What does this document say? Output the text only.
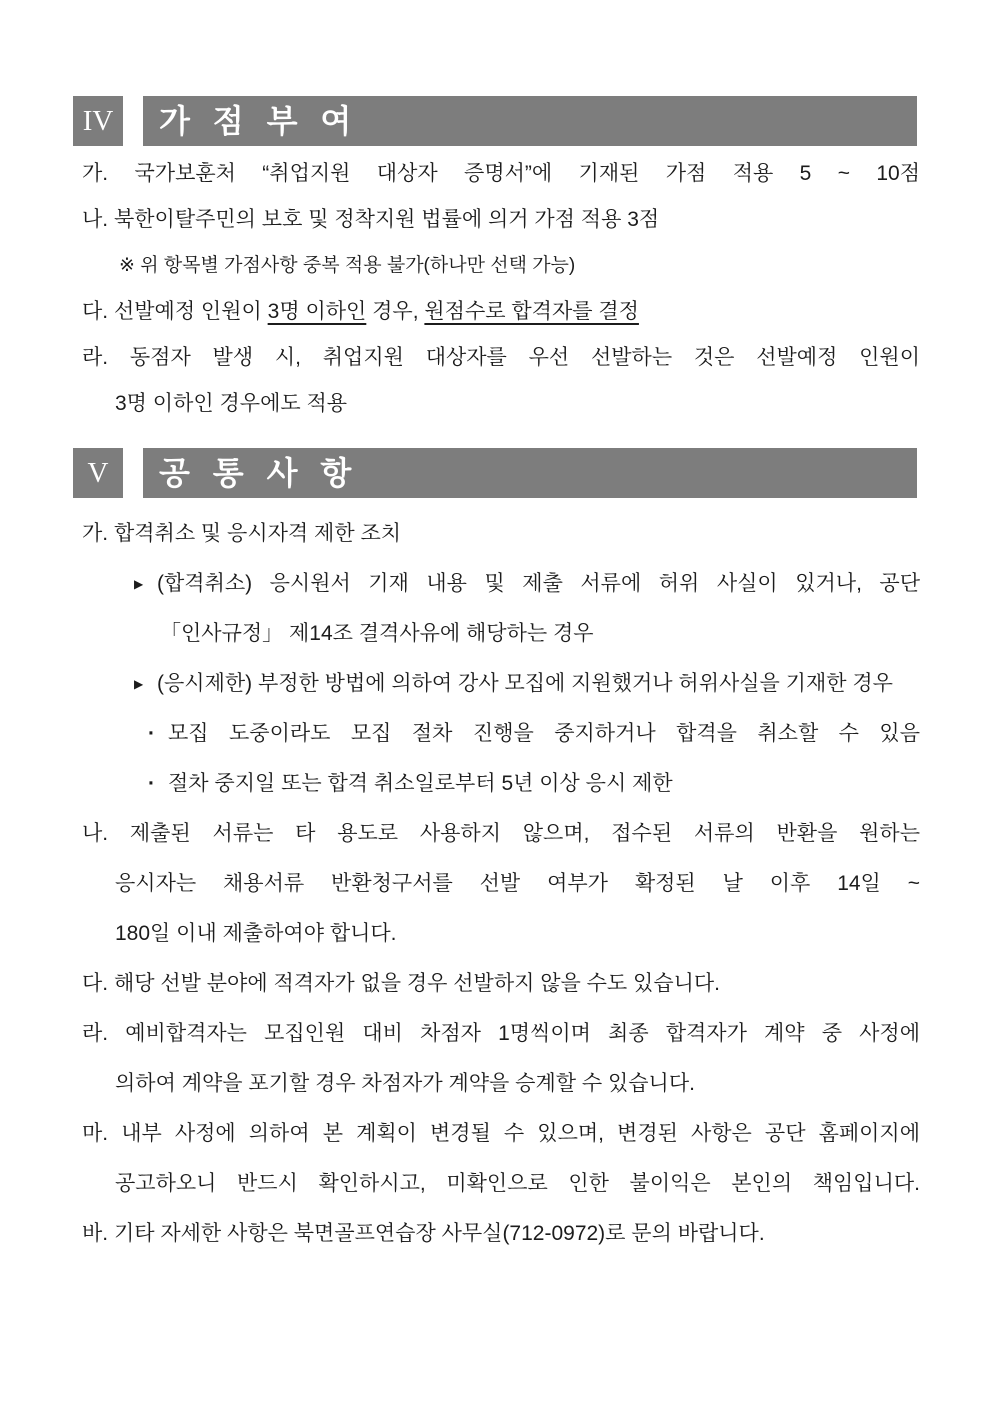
IV	가 점 부 여
가. 국가보훈처 “취업지원 대상자 증명서”에 기재된 가점 적용 5 ~ 10점
나. 북한이탈주민의 보호 및 정착지원 법률에 의거 가점 적용 3점
※ 위 항목별 가점사항 중복 적용 불가(하나만 선택 가능)
다. 선발예정 인원이 3명 이하인 경우, 원점수로 합격자를 결정
라. 동점자 발생 시, 취업지원 대상자를 우선 선발하는 것은 선발예정 인원이
3명 이하인 경우에도 적용
V	공 통 사 항
가. 합격취소 및 응시자격 제한 조치
▶ (합격취소) 응시원서 기재 내용 및 제출 서류에 허위 사실이 있거나, 공단
「인사규정」 제14조 결격사유에 해당하는 경우
▶ (응시제한) 부정한 방법에 의하여 강사 모집에 지원했거나 허위사실을 기재한 경우
· 모집 도중이라도 모집 절차 진행을 중지하거나 합격을 취소할 수 있음
· 절차 중지일 또는 합격 취소일로부터 5년 이상 응시 제한
나. 제출된 서류는 타 용도로 사용하지 않으며, 접수된 서류의 반환을 원하는
응시자는 채용서류 반환청구서를 선발 여부가 확정된 날 이후 14일 ~
180일 이내 제출하여야 합니다.
다. 해당 선발 분야에 적격자가 없을 경우 선발하지 않을 수도 있습니다.
라. 예비합격자는 모집인원 대비 차점자 1명씩이며 최종 합격자가 계약 중 사정에
의하여 계약을 포기할 경우 차점자가 계약을 승계할 수 있습니다.
마. 내부 사정에 의하여 본 계획이 변경될 수 있으며, 변경된 사항은 공단 홈페이지에
공고하오니 반드시 확인하시고, 미확인으로 인한 불이익은 본인의 책임입니다.
바. 기타 자세한 사항은 북면골프연습장 사무실(712-0972)로 문의 바랍니다.
